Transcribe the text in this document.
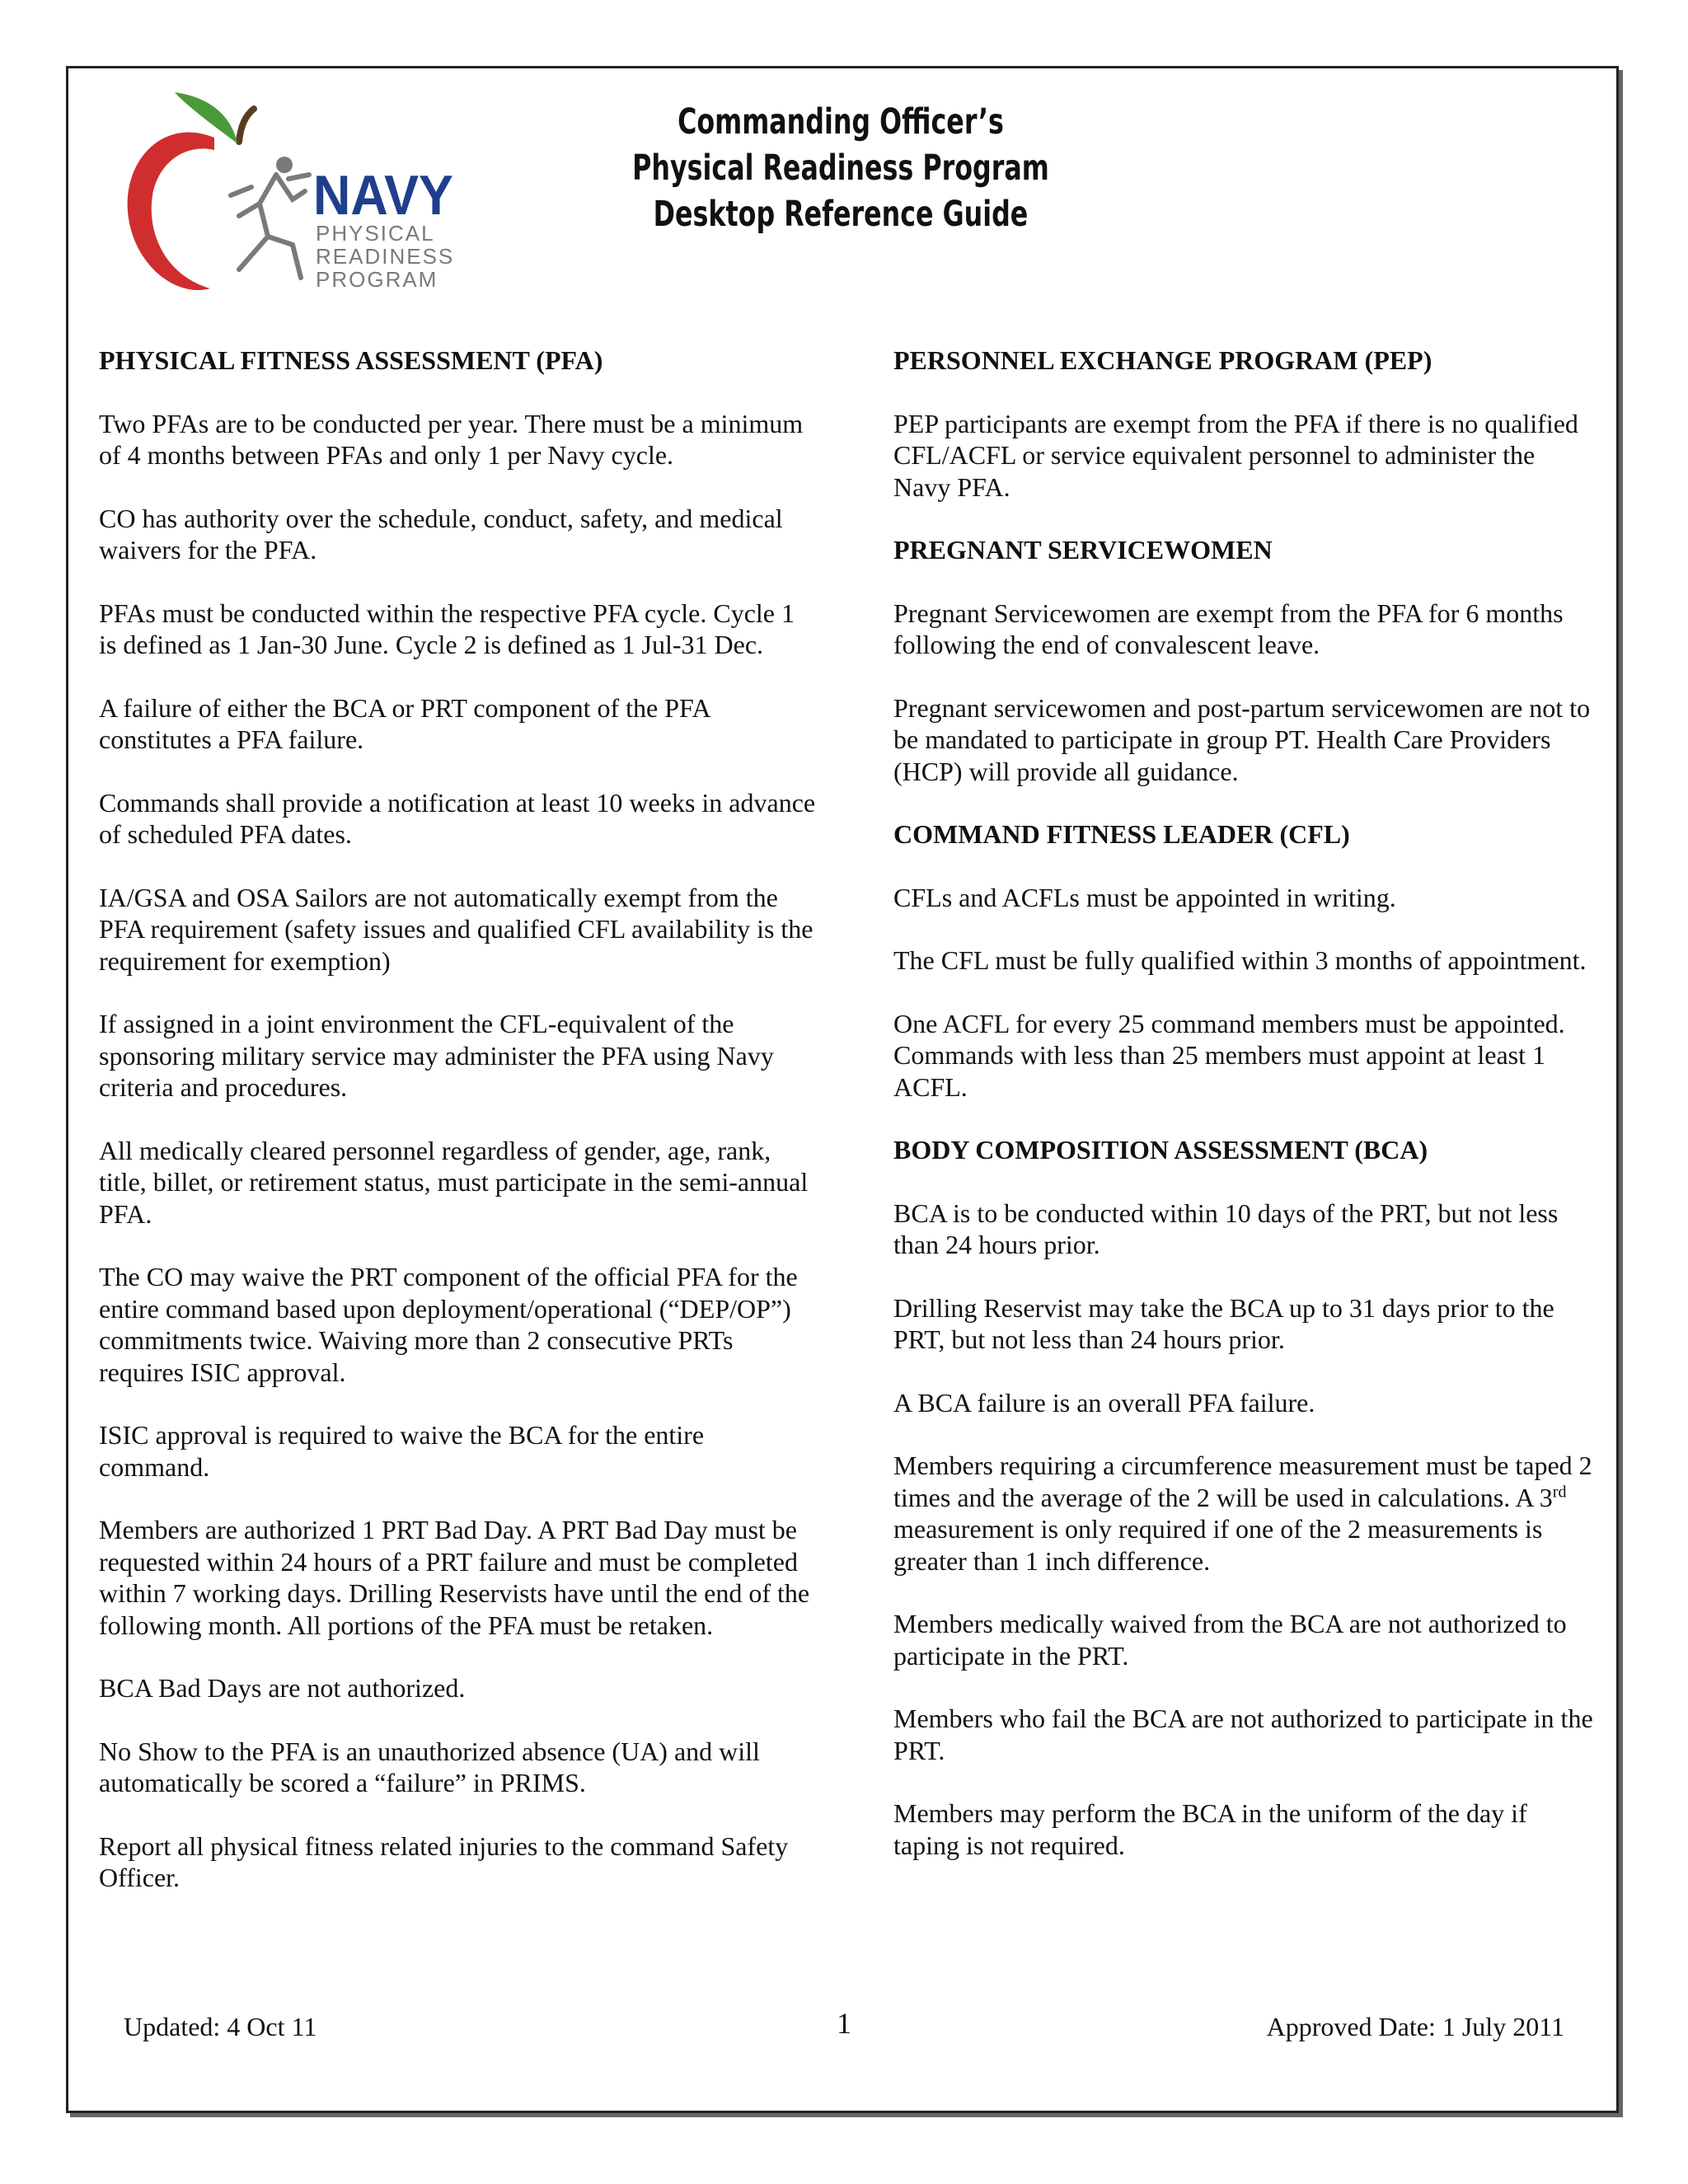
NAVY
PHYSICAL
READINESS
PROGRAM
Commanding Officer’s
Physical Readiness Program
Desktop Reference Guide
PHYSICAL FITNESS ASSESSMENT (PFA)

Two PFAs are to be conducted per year. There must be a minimum of 4 months between PFAs and only 1 per Navy cycle.

CO has authority over the schedule, conduct, safety, and medical waivers for the PFA.

PFAs must be conducted within the respective PFA cycle. Cycle 1 is defined as 1 Jan-30 June. Cycle 2 is defined as 1 Jul-31 Dec.

A failure of either the BCA or PRT component of the PFA constitutes a PFA failure.

Commands shall provide a notification at least 10 weeks in advance of scheduled PFA dates.

IA/GSA and OSA Sailors are not automatically exempt from the PFA requirement (safety issues and qualified CFL availability is the requirement for exemption)

If assigned in a joint environment the CFL-equivalent of the sponsoring military service may administer the PFA using Navy criteria and procedures.

All medically cleared personnel regardless of gender, age, rank, title, billet, or retirement status, must participate in the semi-annual PFA.

The CO may waive the PRT component of the official PFA for the entire command based upon deployment/operational (“DEP/OP”) commitments twice. Waiving more than 2 consecutive PRTs requires ISIC approval.

ISIC approval is required to waive the BCA for the entire command.

Members are authorized 1 PRT Bad Day. A PRT Bad Day must be requested within 24 hours of a PRT failure and must be completed within 7 working days. Drilling Reservists have until the end of the following month. All portions of the PFA must be retaken.

BCA Bad Days are not authorized.

No Show to the PFA is an unauthorized absence (UA) and will automatically be scored a “failure” in PRIMS.

Report all physical fitness related injuries to the command Safety Officer.

PERSONNEL EXCHANGE PROGRAM (PEP)

PEP participants are exempt from the PFA if there is no qualified CFL/ACFL or service equivalent personnel to administer the Navy PFA.

PREGNANT SERVICEWOMEN

Pregnant Servicewomen are exempt from the PFA for 6 months following the end of convalescent leave.

Pregnant servicewomen and post-partum servicewomen are not to be mandated to participate in group PT. Health Care Providers (HCP) will provide all guidance.

COMMAND FITNESS LEADER (CFL)

CFLs and ACFLs must be appointed in writing.

The CFL must be fully qualified within 3 months of appointment.

One ACFL for every 25 command members must be appointed. Commands with less than 25 members must appoint at least 1 ACFL.

BODY COMPOSITION ASSESSMENT (BCA)

BCA is to be conducted within 10 days of the PRT, but not less than 24 hours prior.

Drilling Reservist may take the BCA up to 31 days prior to the PRT, but not less than 24 hours prior.

A BCA failure is an overall PFA failure.

Members requiring a circumference measurement must be taped 2 times and the average of the 2 will be used in calculations. A 3rd measurement is only required if one of the 2 measurements is greater than 1 inch difference.

Members medically waived from the BCA are not authorized to participate in the PRT.

Members who fail the BCA are not authorized to participate in the PRT.

Members may perform the BCA in the uniform of the day if taping is not required.

Updated: 4 Oct 11	1	Approved Date: 1 July 2011
